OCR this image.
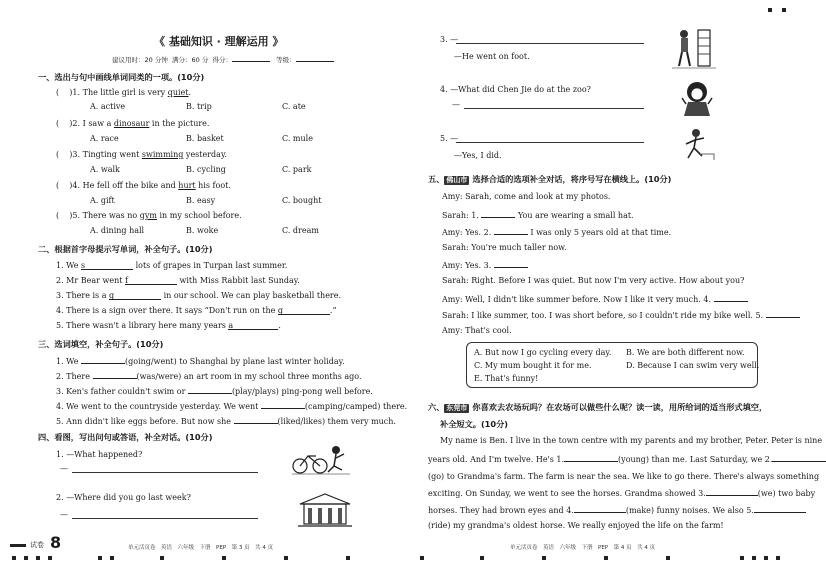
《 基础知识 · 理解运用 》
建议用时：20 分钟 满分：60 分 得分：	等级：
一、选出与句中画线单词同类的一项。(10分)
(    )1. The little girl is very quiet.
A. active	B. trip	C. ate
(    )2. I saw a dinosaur in the picture.
A. race	B. basket	C. mule
(    )3. Tingting went swimming yesterday.
A. walk	B. cycling	C. park
(    )4. He fell off the bike and hurt his foot.
A. gift	B. easy	C. bought
(    )5. There was no gym in my school before.
A. dining hall	B. woke	C. dream
二、根据首字母提示写单词，补全句子。(10分)
1. We s	lots of grapes in Turpan last summer.
2. Mr Bear went f	with Miss Rabbit last Sunday.
3. There is a g	in our school. We can play basketball there.
4. There is a sign over there. It says “Don't run on the g	.”
5. There wasn't a library here many years a	.
三、选词填空，补全句子。(10分)
1. We	(going/went) to Shanghai by plane last winter holiday.
2. There	(was/were) an art room in my school three months ago.
3. Ken's father couldn't swim or	(play/plays) ping-pong well before.
4. We went to the countryside yesterday. We went	(camping/camped) there.
5. Ann didn't like eggs before. But now she	(liked/likes) them very much.
四、看图，写出问句或答语，补全对话。(10分)
1. —What happened?
—
2. —Where did you go last week?
—
试卷 8	单元活页卷　英语　六年级　下册　PEP　第 3 页　共 4 页
3. —
—He went on foot.
4. —What did Chen Jie do at the zoo?
—
5. —
—Yes, I did.
五、 佛山市 选择合适的选项补全对话，将序号写在横线上。(10分)
Amy: Sarah, come and look at my photos.
Sarah: 1.	You are wearing a small hat.
Amy: Yes. 2.	I was only 5 years old at that time.
Sarah: You're much taller now.
Amy: Yes. 3.
Sarah: Right. Before I was quiet. But now I'm very active. How about you?
Amy: Well, I didn't like summer before. Now I like it very much. 4.
Sarah: I like summer, too. I was short before, so I couldn't ride my bike well. 5.
Amy: That's cool.
A. But now I go cycling every day. B. We are both different now.
C. My mum bought it for me.	D. Because I can swim very well.
E. That's funny!
六、 东莞市 你喜欢去农场玩吗？在农场可以做些什么呢？读一读，用所给词的适当形式填空，
补全短文。(10分)
My name is Ben. I live in the town centre with my parents and my brother, Peter. Peter is nine
years old. And I'm twelve. He's 1.	(young) than me. Last Saturday, we 2.
(go) to Grandma's farm. The farm is near the sea. We like to go there. There's always something
exciting. On Sunday, we went to see the horses. Grandma showed 3.	(we) two baby
horses. They had brown eyes and 4.	(make) funny noises. We also 5.
(ride) my grandma's oldest horse. We really enjoyed the life on the farm!
单元活页卷　英语　六年级　下册　PEP　第 4 页　共 4 页
